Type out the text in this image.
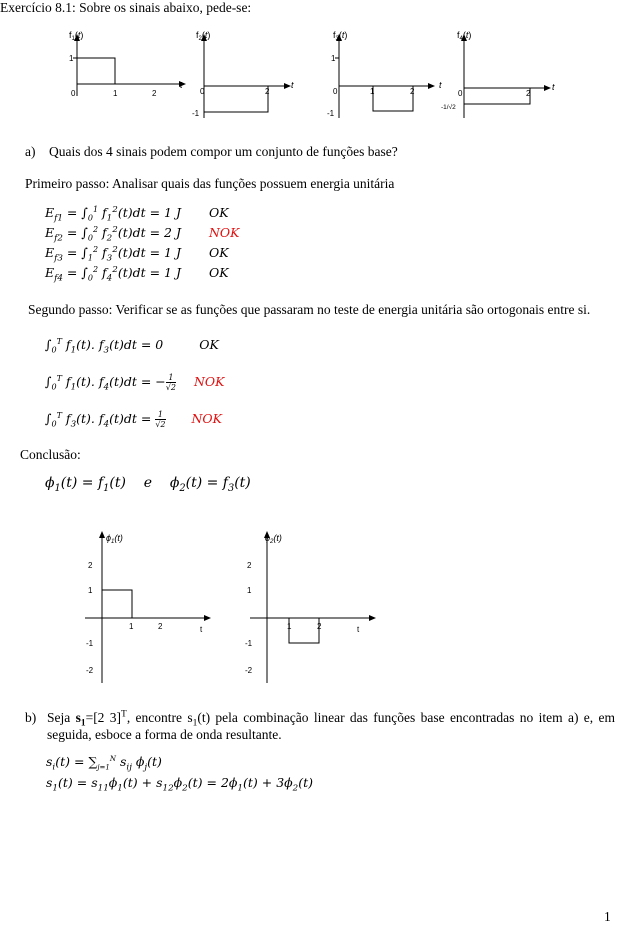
Exercício 8.1: Sobre os sinais abaixo, pede-se:
$f_1(t)$
1
0	1	2
t
$f_2(t)$
0	2
-1
t
$f_3(t)$
1
0	1	2
-1
t
$f_4(t)$
0	2
-1/√2
t
a) Quais dos 4 sinais podem compor um conjunto de funções base?
Primeiro passo: Analisar quais das funções possuem energia unitária
$E_{f1} = \int_0^1$ $f_1^2(t)dt = 1$ J OK
$E_{f2} = \int_0^2$ $f_2^2(t)dt = 2$ J NOK
$E_{f3} = \int_1^2$ $f_3^2(t)dt = 1$ J OK
$E_{f4} = \int_0^2$ $f_4^2(t)dt = 1$ J OK
Segundo passo: Verificar se as funções que passaram no teste de energia unitária são ortogonais entre si.
$\int_0^T$ $f_1(t)$. $f_3(t)dt = 0$	OK
$\int_0^T$ $f_1(t)$. $f_4(t)dt$ = − $\frac{1}{√2}$ NOK
$\int_0^T$ $f_3(t)$. $f_4(t)dt = \frac{1}{√2}$ NOK
Conclusão:
$\phi_1(t) = f_1(t)$    e    $\phi_2(t) = f_3(t)$
$\phi_1(t)$
2
1
-1
-2
1	2	t
$\phi_2(t)$
2
1
-1
-2
1	2	t
b) Seja $s_1=[2$ 3]$^T$, encontre $s_1(t)$ pela combinação linear das funções base encontradas no item a) e, em seguida, esboce a forma de onda resultante.
$s_i(t) = \sum_{j=1}^N$ $s_{ij}$ $\phi_j(t)$
$s_1(t) = s_{11}\phi_1(t) + s_{12}\phi_2(t) = 2\phi_1(t) + 3\phi_2(t)$
1
